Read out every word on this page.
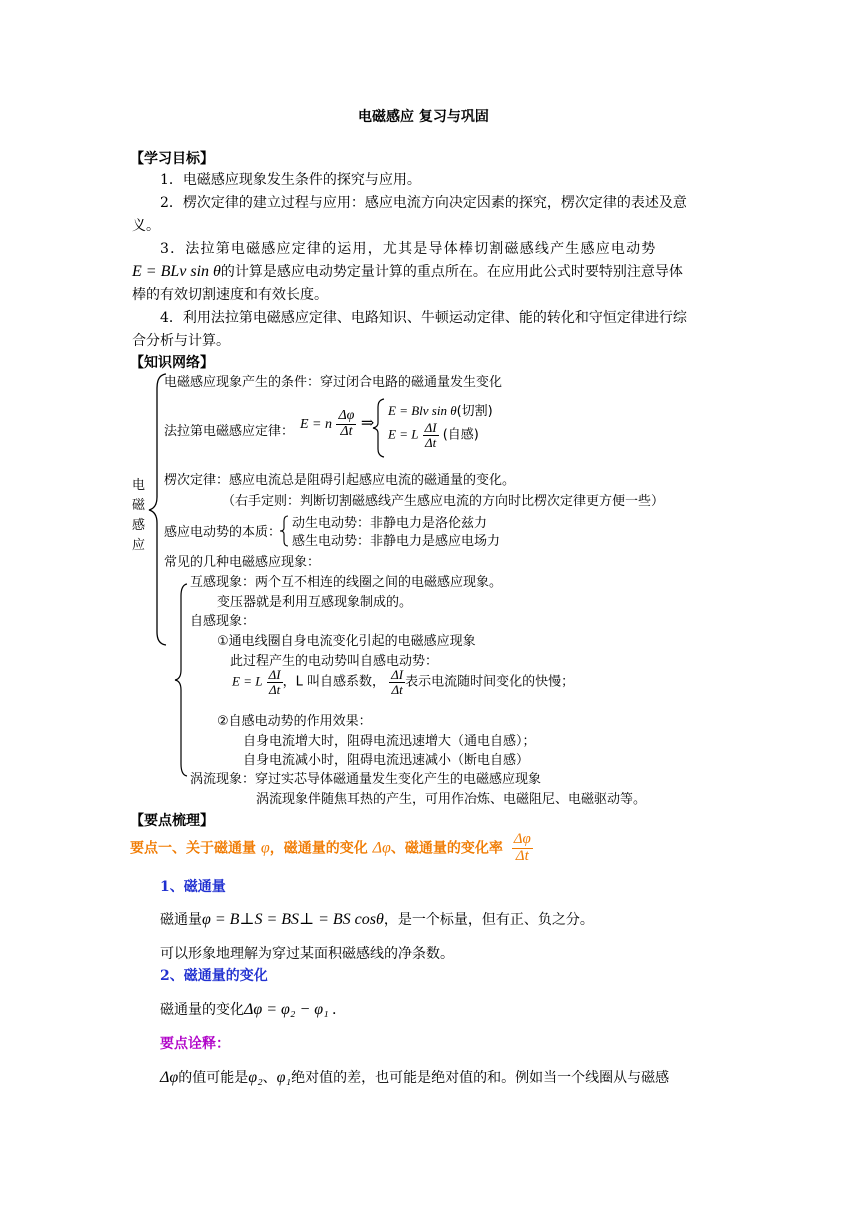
电磁感应 复习与巩固
【学习目标】
1．电磁感应现象发生条件的探究与应用。
2．楞次定律的建立过程与应用：感应电流方向决定因素的探究，楞次定律的表述及意
义。
3．法拉第电磁感应定律的运用，尤其是导体棒切割磁感线产生感应电动势
E = BLv sin θ的计算是感应电动势定量计算的重点所在。在应用此公式时要特别注意导体
棒的有效切割速度和有效长度。
4．利用法拉第电磁感应定律、电路知识、牛顿运动定律、能的转化和守恒定律进行综
合分析与计算。
【知识网络】
电
磁
感
应
电磁感应现象产生的条件：穿过闭合电路的磁通量发生变化
法拉第电磁感应定律： E = n $\frac{\Delta\varphi}{\Delta t}$ ⇒
E = Blv sin θ(切割)
E = L $\frac{\Delta I}{\Delta t}$ (自感)
楞次定律：感应电流总是阻碍引起感应电流的磁通量的变化。
（右手定则：判断切割磁感线产生感应电流的方向时比楞次定律更方便一些）
感应电动势的本质：
动生电动势：非静电力是洛伦兹力
感生电动势：非静电力是感应电场力
常见的几种电磁感应现象：
互感现象：两个互不相连的线圈之间的电磁感应现象。
变压器就是利用互感现象制成的。
自感现象：
①通电线圈自身电流变化引起的电磁感应现象
此过程产生的电动势叫自感电动势：
E = L $\frac{\Delta I}{\Delta t}$ ，L 叫自感系数， $\frac{\Delta I}{\Delta t}$ 表示电流随时间变化的快慢；
②自感电动势的作用效果：
自身电流增大时，阻碍电流迅速增大（通电自感）；
自身电流减小时，阻碍电流迅速减小（断电自感）
涡流现象：穿过实芯导体磁通量发生变化产生的电磁感应现象
涡流现象伴随焦耳热的产生，可用作冶炼、电磁阻尼、电磁驱动等。
【要点梳理】
要点一、关于磁通量 φ，磁通量的变化 Δφ、磁通量的变化率 $\frac{\Delta\varphi}{\Delta t}$
1、磁通量
磁通量φ = B⊥S = BS⊥ = BS cosθ，是一个标量，但有正、负之分。
可以形象地理解为穿过某面积磁感线的净条数。
2、磁通量的变化
磁通量的变化Δφ = φ₂ − φ₁ .
要点诠释：
Δφ的值可能是φ₂、φ₁绝对值的差，也可能是绝对值的和。例如当一个线圈从与磁感
